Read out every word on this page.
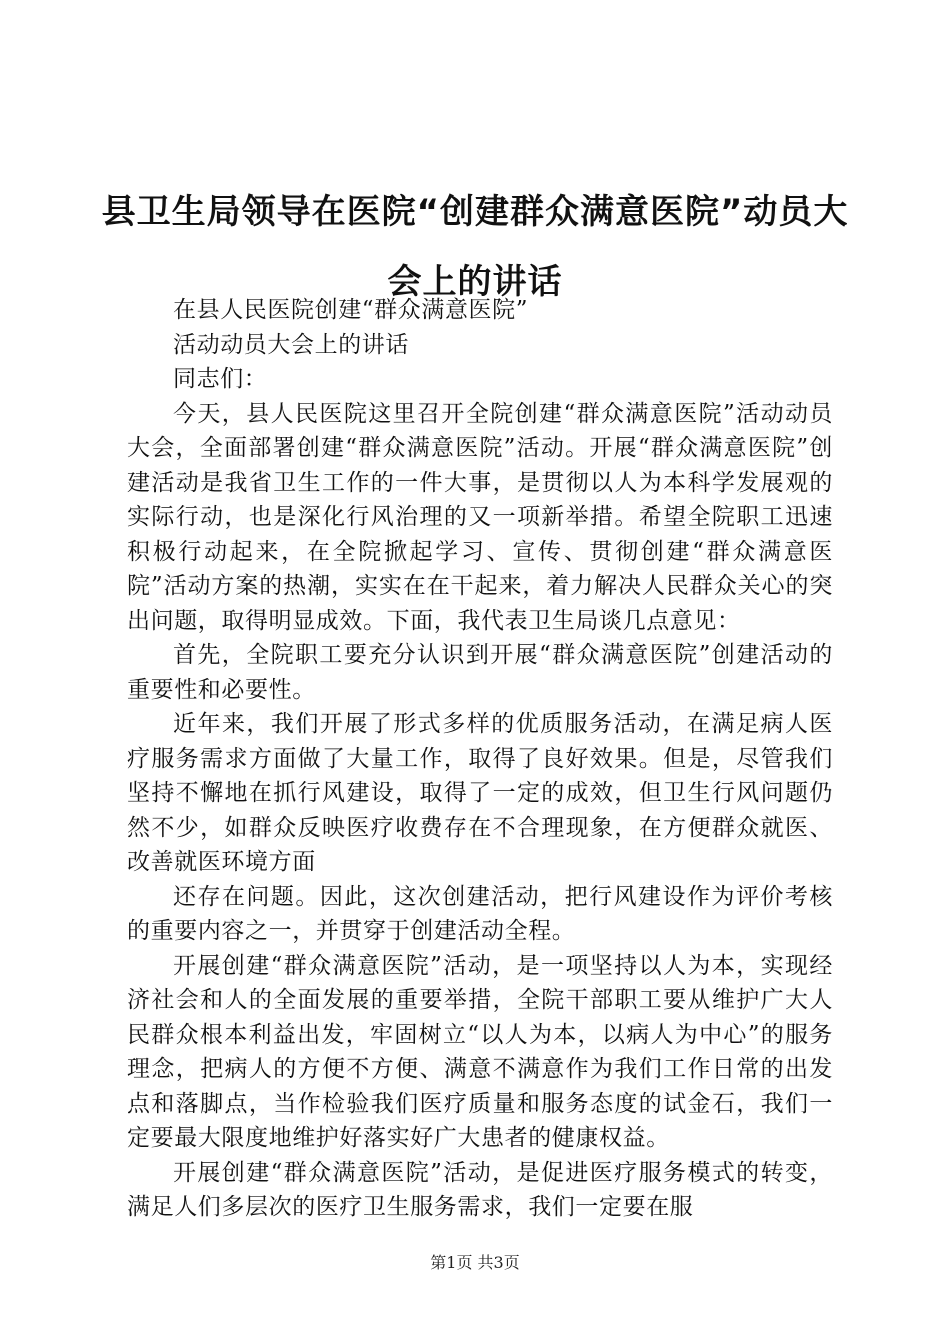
县卫生局领导在医院“创建群众满意医院”动员大会上的讲话

在县人民医院创建“群众满意医院”

活动动员大会上的讲话

同志们：

今天，县人民医院这里召开全院创建“群众满意医院”活动动员大会，全面部署创建“群众满意医院”活动。开展“群众满意医院”创建活动是我省卫生工作的一件大事，是贯彻以人为本科学发展观的实际行动，也是深化行风治理的又一项新举措。希望全院职工迅速积极行动起来，在全院掀起学习、宣传、贯彻创建“群众满意医院”活动方案的热潮，实实在在干起来，着力解决人民群众关心的突出问题，取得明显成效。下面，我代表卫生局谈几点意见：

首先，全院职工要充分认识到开展“群众满意医院”创建活动的重要性和必要性。

近年来，我们开展了形式多样的优质服务活动，在满足病人医疗服务需求方面做了大量工作，取得了良好效果。但是，尽管我们坚持不懈地在抓行风建设，取得了一定的成效，但卫生行风问题仍然不少，如群众反映医疗收费存在不合理现象，在方便群众就医、改善就医环境方面

还存在问题。因此，这次创建活动，把行风建设作为评价考核的重要内容之一，并贯穿于创建活动全程。

开展创建“群众满意医院”活动，是一项坚持以人为本，实现经济社会和人的全面发展的重要举措，全院干部职工要从维护广大人民群众根本利益出发，牢固树立“以人为本，以病人为中心”的服务理念，把病人的方便不方便、满意不满意作为我们工作日常的出发点和落脚点，当作检验我们医疗质量和服务态度的试金石，我们一定要最大限度地维护好落实好广大患者的健康权益。

开展创建“群众满意医院”活动，是促进医疗服务模式的转变，满足人们多层次的医疗卫生服务需求，我们一定要在服

第1页 共3页
